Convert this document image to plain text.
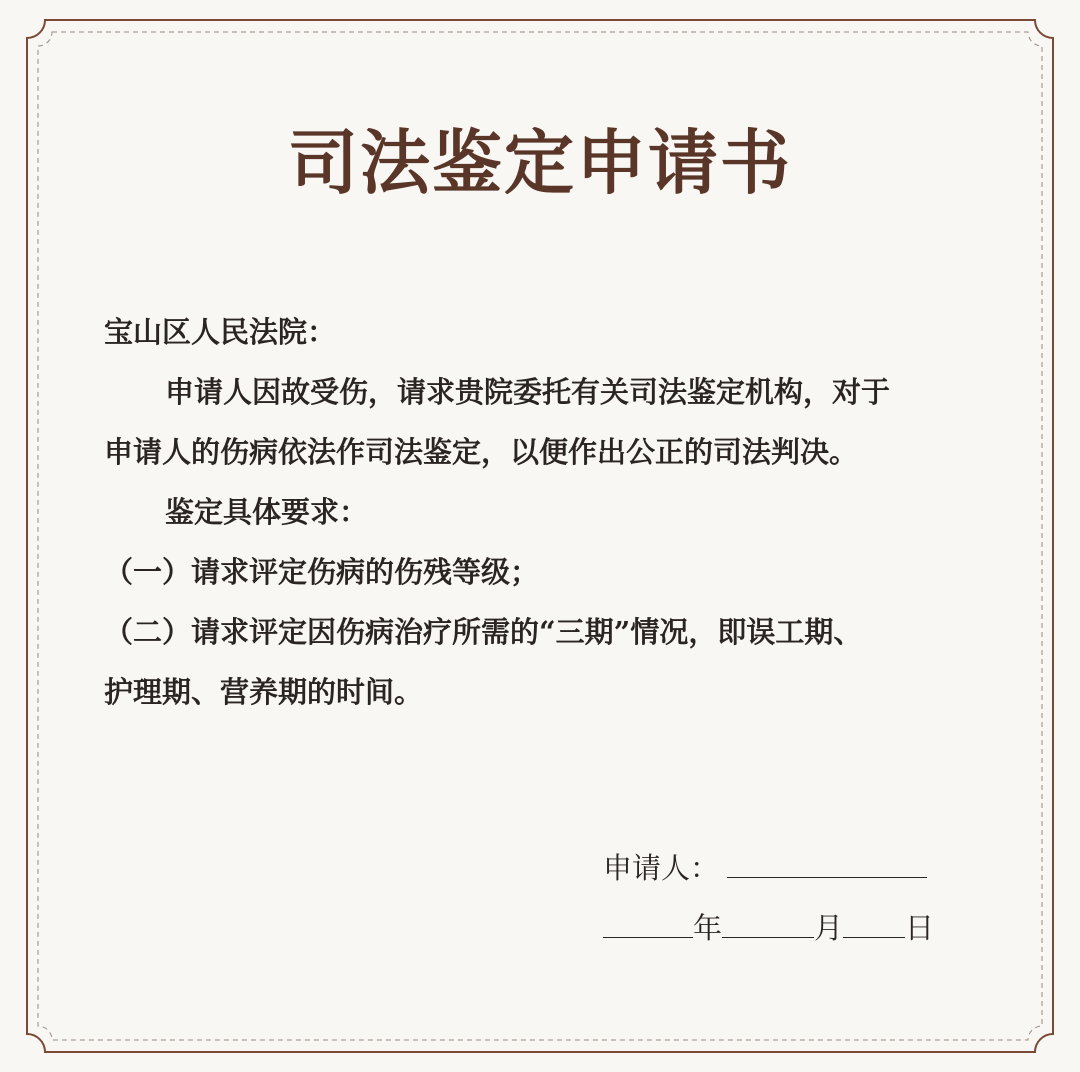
司法鉴定申请书
宝山区人民法院：
申请人因故受伤，请求贵院委托有关司法鉴定机构，对于
申请人的伤病依法作司法鉴定，以便作出公正的司法判决。
鉴定具体要求：
（一）请求评定伤病的伤残等级；
（二）请求评定因伤病治疗所需的“三期”情况，即误工期、
护理期、营养期的时间。
申请人：
年	月 日
